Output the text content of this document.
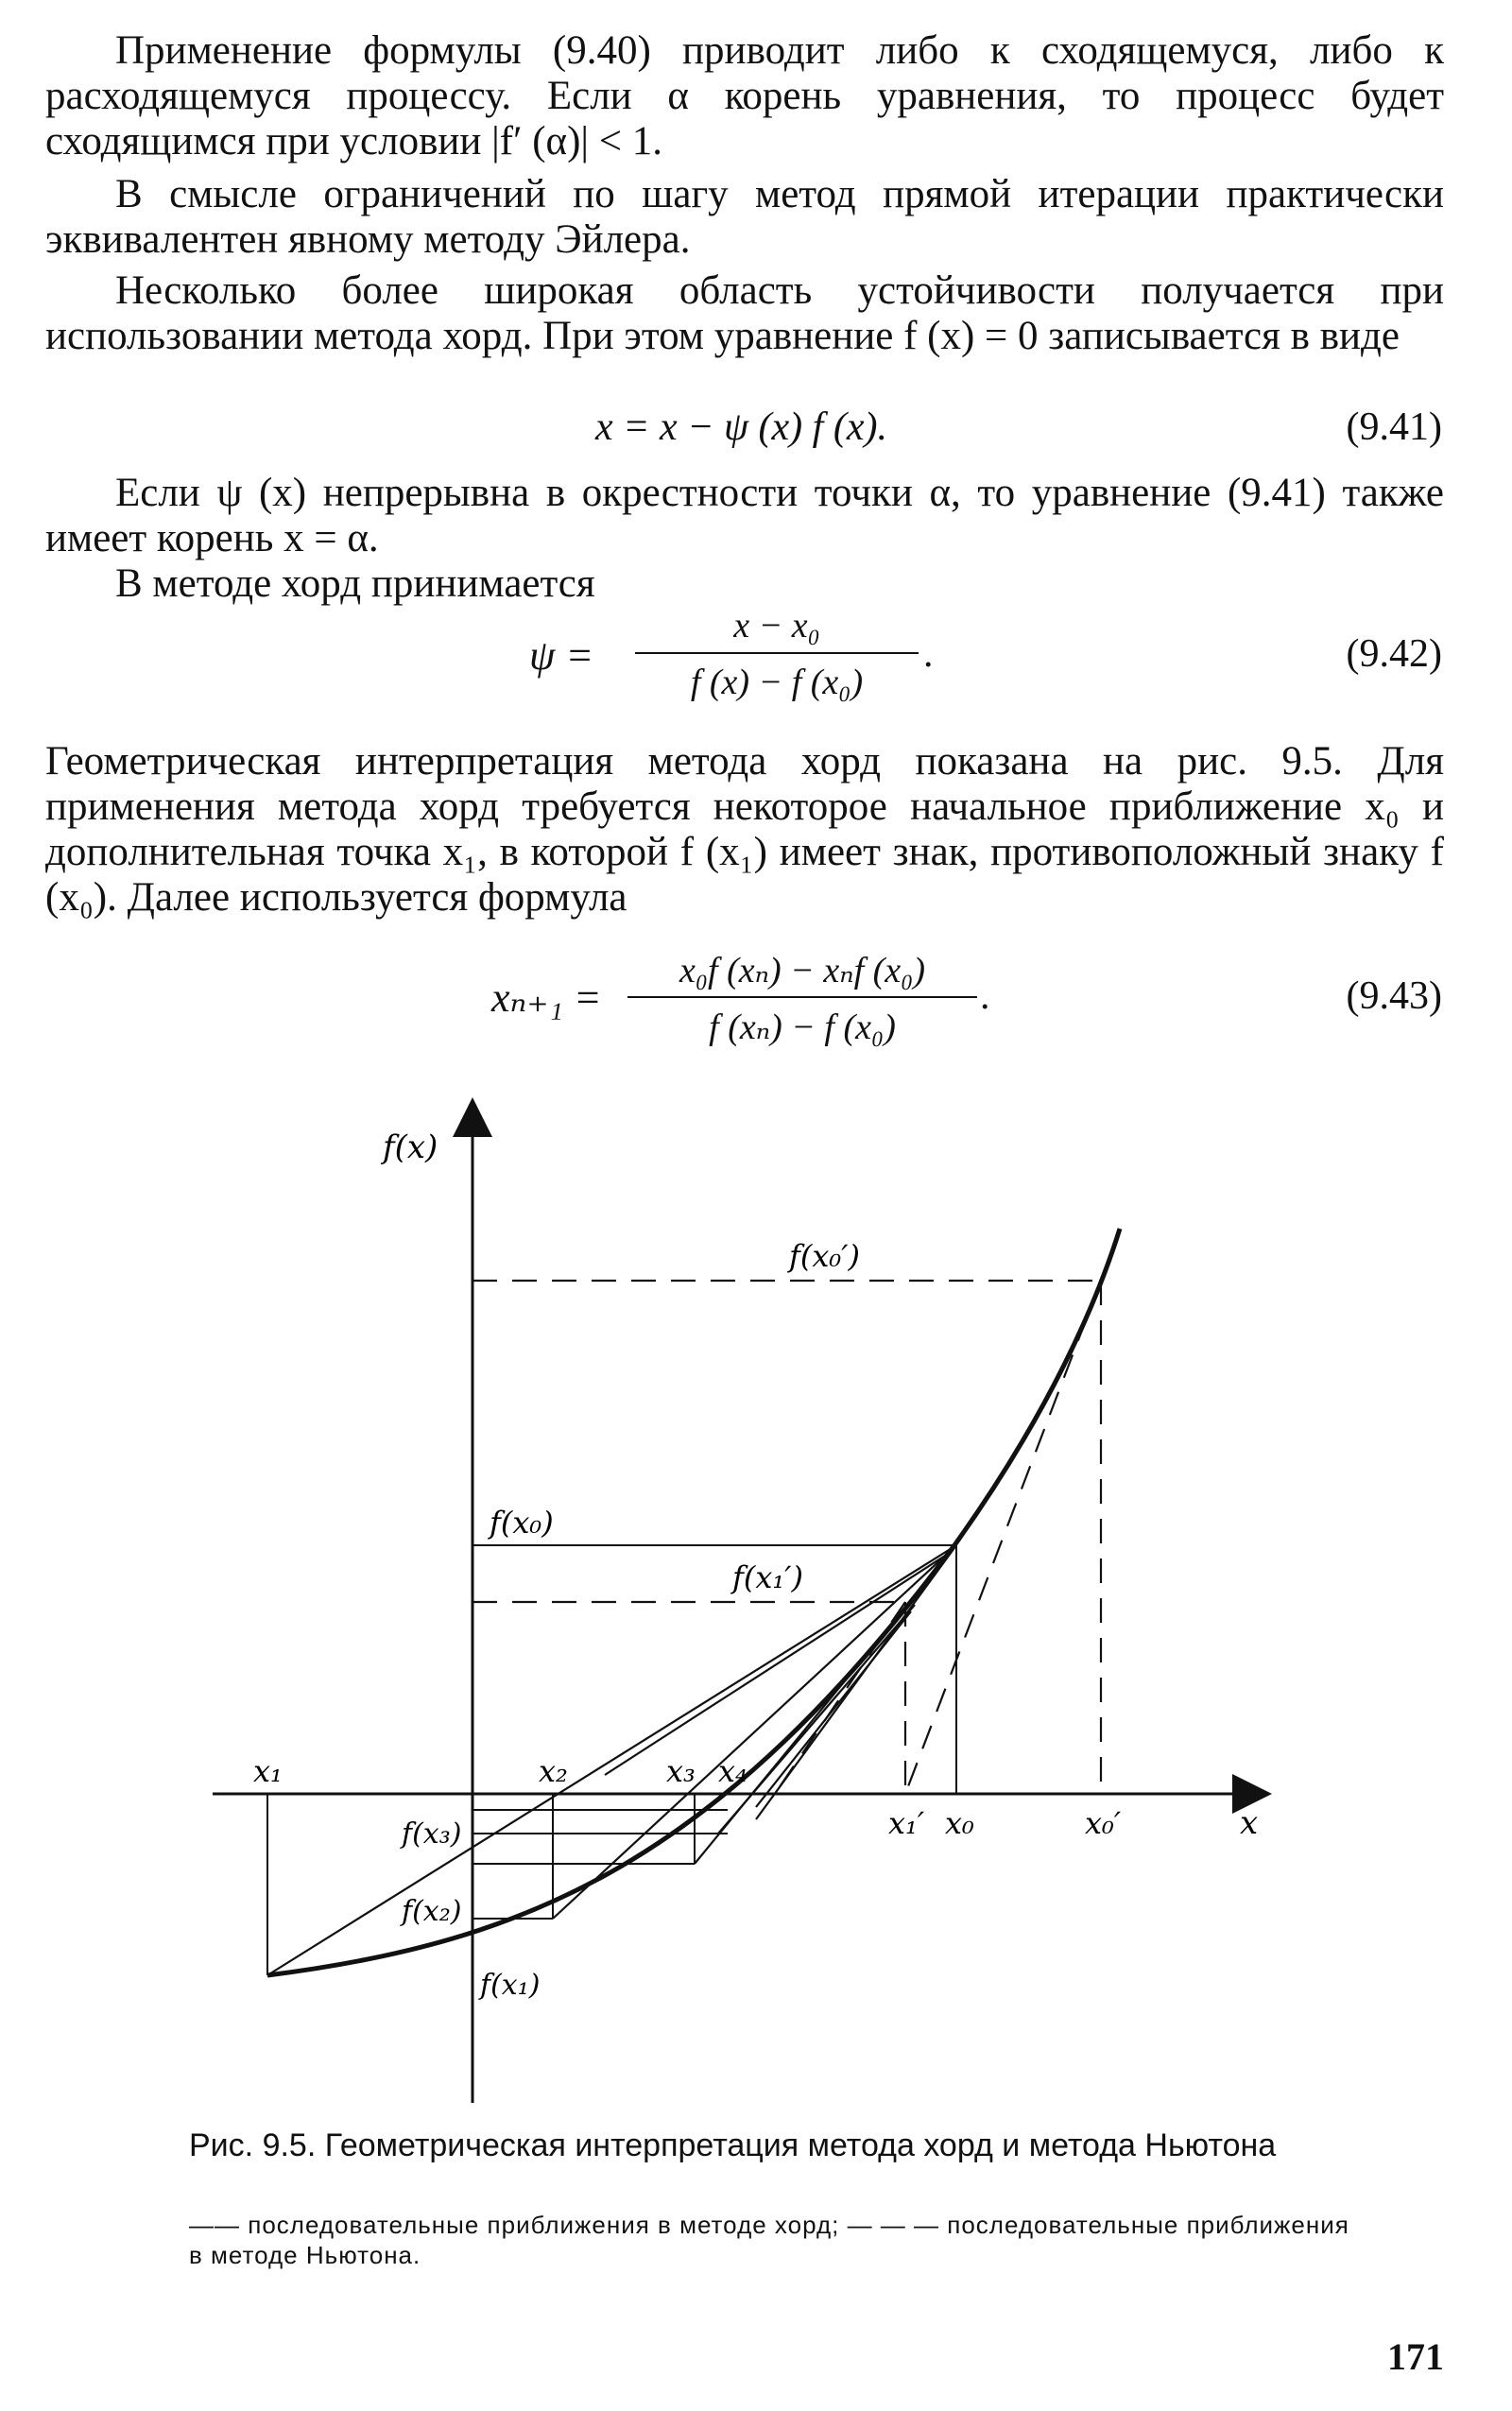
Применение формулы (9.40) приводит либо к сходящемуся, либо к расходящемуся процессу. Если α корень уравнения, то процесс будет сходящимся при условии |f′ (α)| < 1.

В смысле ограничений по шагу метод прямой итерации практически эквивалентен явному методу Эйлера.

Несколько более широкая область устойчивости получается при использовании метода хорд. При этом уравнение f (x) = 0 записывается в виде

x = x − ψ (x) f (x).	(9.41)

Если ψ (x) непрерывна в окрестности точки α, то уравнение (9.41) также имеет корень x = α.

В методе хорд принимается

ψ =
x − x₀
f (x) − f (x₀)
.	(9.42)

Геометрическая интерпретация метода хорд показана на рис. 9.5. Для применения метода хорд требуется некоторое начальное приближение x₀ и дополнительная точка x₁, в которой f (x₁) имеет знак, противоположный знаку f (x₀). Далее используется формула

xₙ₊₁ =
x₀f (xₙ) − xₙf (x₀)
f (xₙ) − f (x₀)
.	(9.43)
f(x)
f(x₀′)
f(x₀)
f(x₁′)
x₁	x₂	x₃ x₄
x₁′ x₀	x₀′	x
f(x₃)
f(x₂)
f(x₁)

Рис. 9.5. Геометрическая интерпретация метода хорд и метода Ньютона

—— последовательные приближения в методе хорд; — — — последовательные приближения в методе Ньютона.

171
